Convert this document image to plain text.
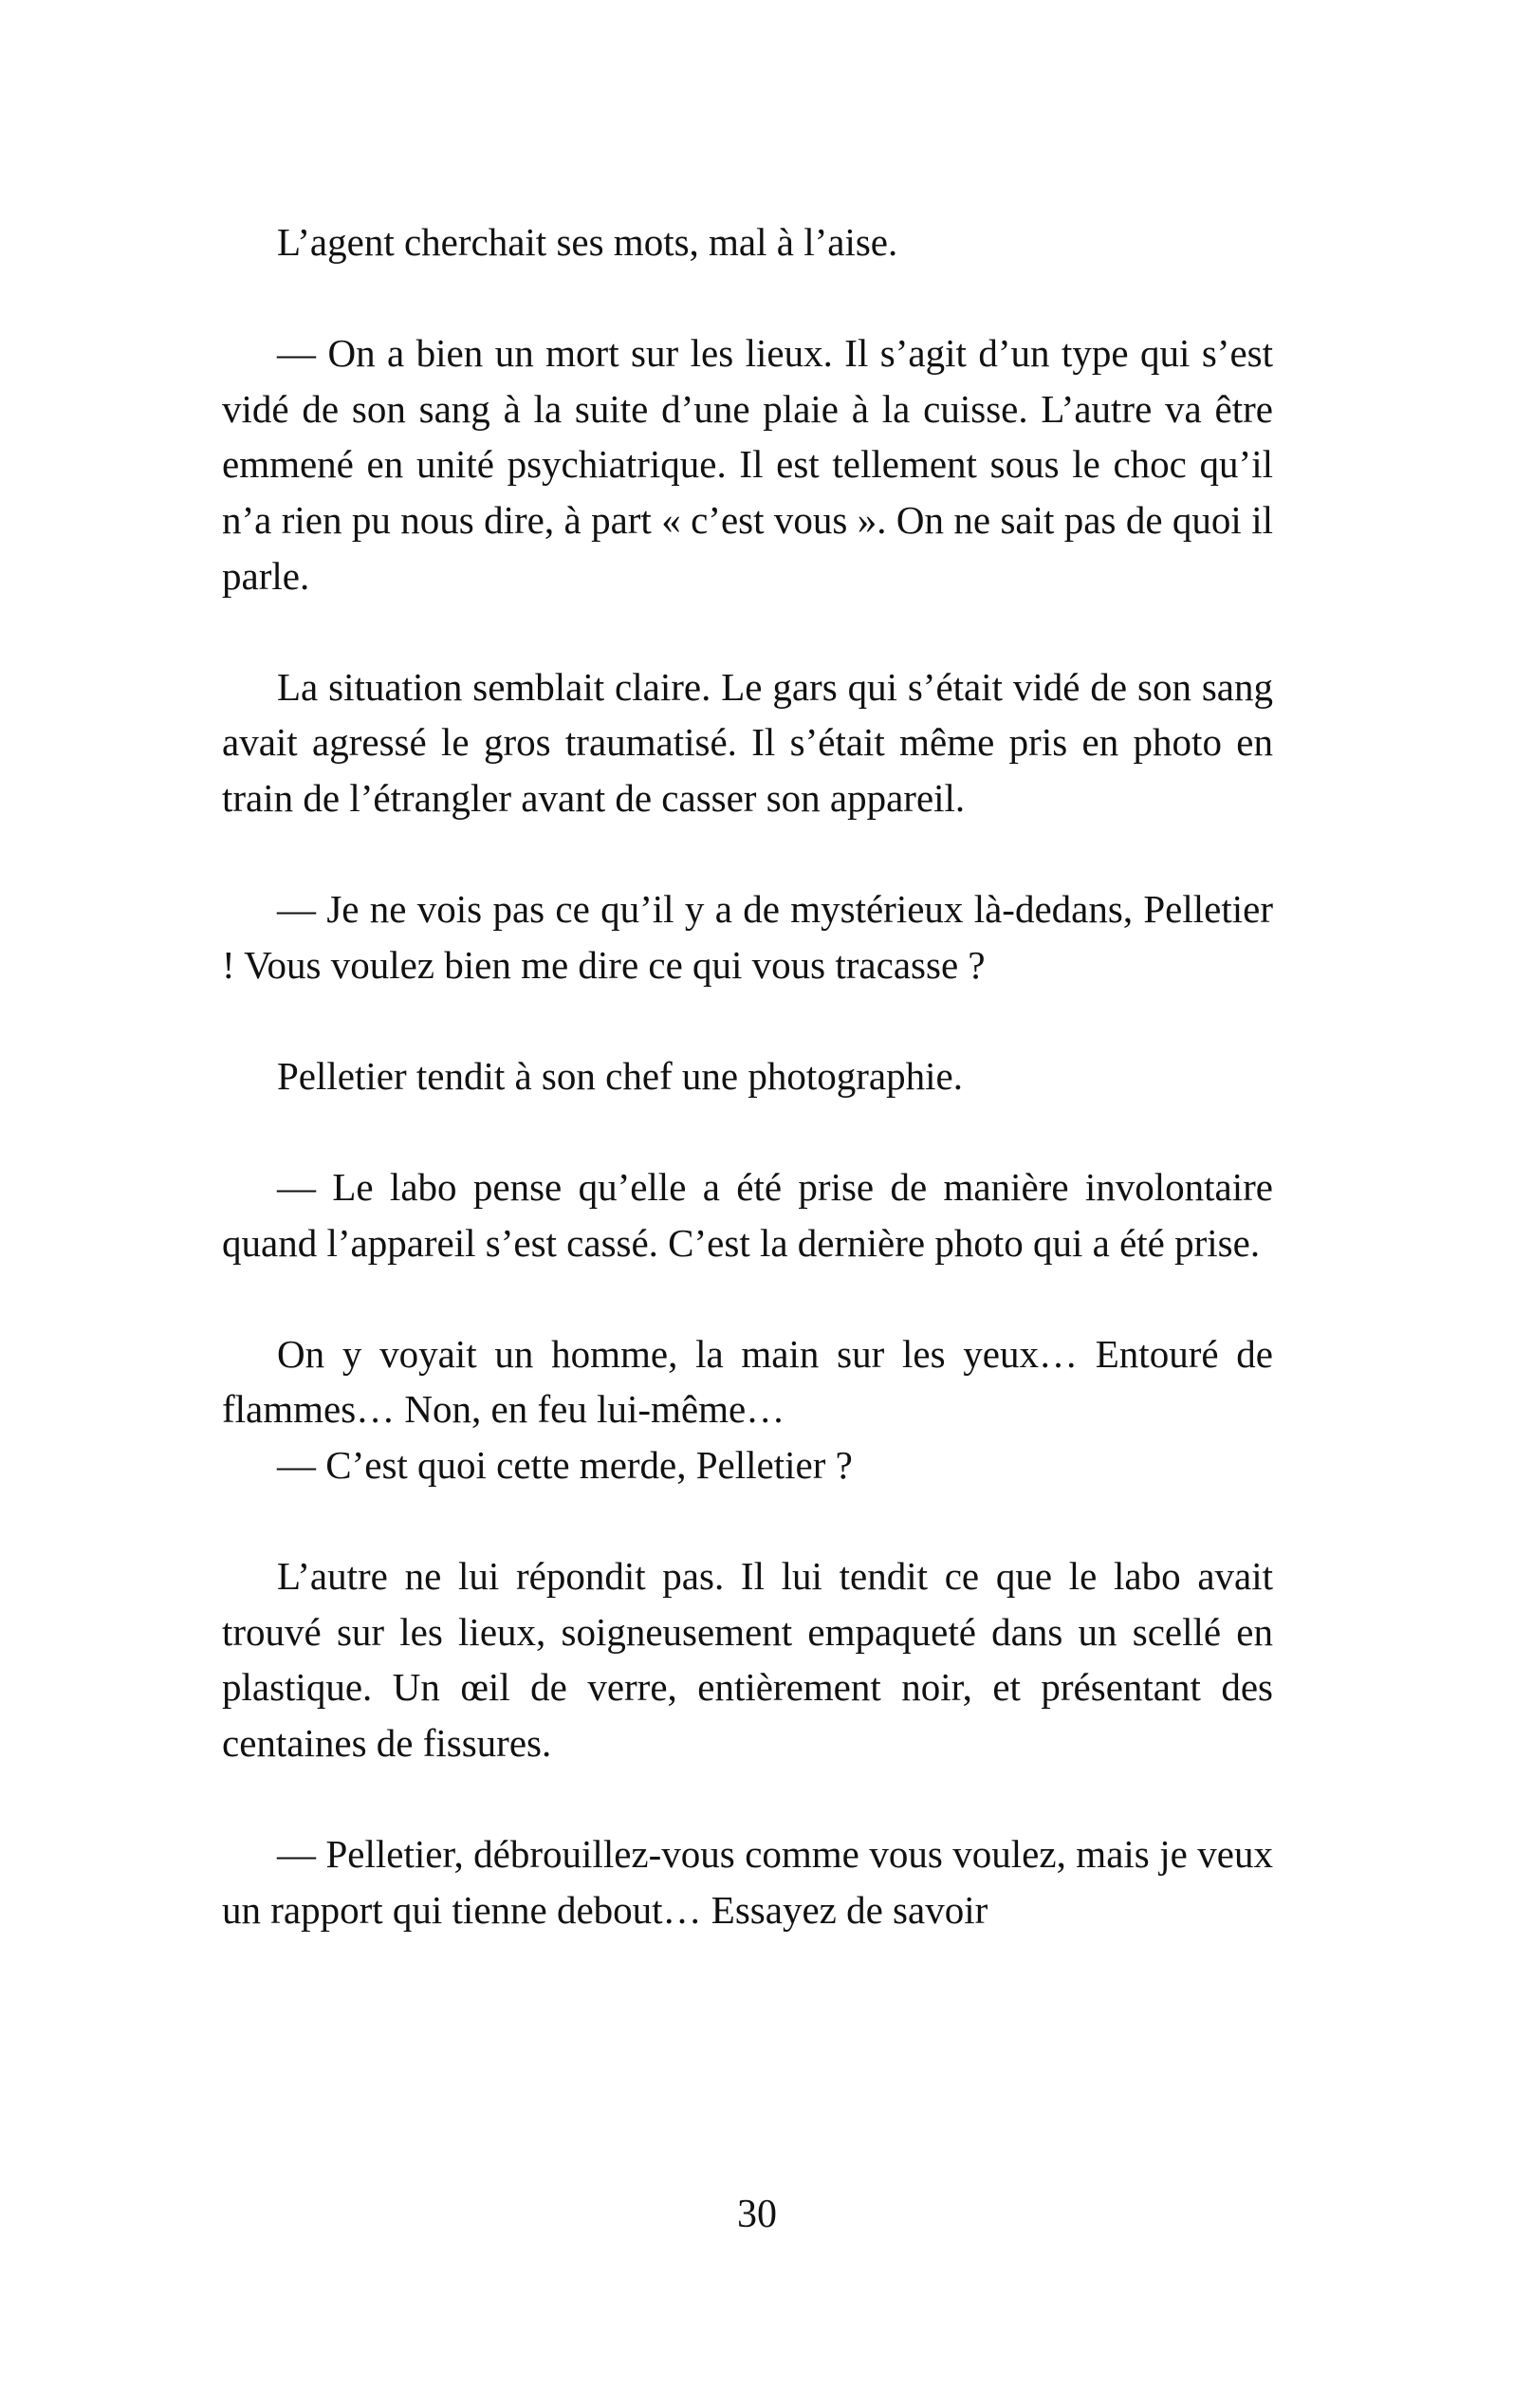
L’agent cherchait ses mots, mal à l’aise.

— On a bien un mort sur les lieux. Il s’agit d’un type qui s’est vidé de son sang à la suite d’une plaie à la cuisse. L’autre va être emmené en unité psychiatrique. Il est tellement sous le choc qu’il n’a rien pu nous dire, à part « c’est vous ». On ne sait pas de quoi il parle.

La situation semblait claire. Le gars qui s’était vidé de son sang avait agressé le gros traumatisé. Il s’était même pris en photo en train de l’étrangler avant de casser son appareil.

— Je ne vois pas ce qu’il y a de mystérieux là-dedans, Pelletier ! Vous voulez bien me dire ce qui vous tracasse ?

Pelletier tendit à son chef une photographie.

— Le labo pense qu’elle a été prise de manière involontaire quand l’appareil s’est cassé. C’est la dernière photo qui a été prise.

On y voyait un homme, la main sur les yeux… Entouré de flammes… Non, en feu lui-même…

— C’est quoi cette merde, Pelletier ?

L’autre ne lui répondit pas. Il lui tendit ce que le labo avait trouvé sur les lieux, soigneusement empaqueté dans un scellé en plastique. Un œil de verre, entièrement noir, et présentant des centaines de fissures.

— Pelletier, débrouillez-vous comme vous voulez, mais je veux un rapport qui tienne debout… Essayez de savoir

30
